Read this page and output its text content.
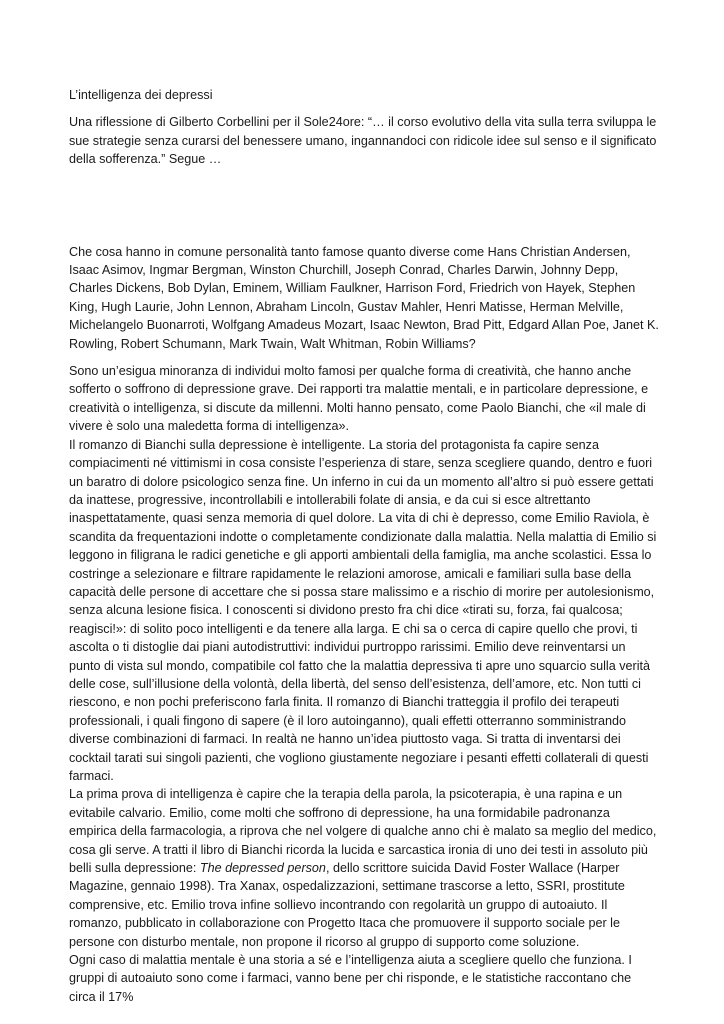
L’intelligenza dei depressi

Una riflessione di Gilberto Corbellini per il Sole24ore: “… il corso evolutivo della vita sulla terra sviluppa le sue strategie senza curarsi del benessere umano, ingannandoci con ridicole idee sul senso e il significato della sofferenza.” Segue …

Che cosa hanno in comune personalità tanto famose quanto diverse come Hans Christian Andersen, Isaac Asimov, Ingmar Bergman, Winston Churchill, Joseph Conrad, Charles Darwin, Johnny Depp, Charles Dickens, Bob Dylan, Eminem, William Faulkner, Harrison Ford, Friedrich von Hayek, Stephen King, Hugh Laurie, John Lennon, Abraham Lincoln, Gustav Mahler, Henri Matisse, Herman Melville, Michelangelo Buonarroti, Wolfgang Amadeus Mozart, Isaac Newton, Brad Pitt, Edgard Allan Poe, Janet K. Rowling, Robert Schumann, Mark Twain, Walt Whitman, Robin Williams?

Sono un’esigua minoranza di individui molto famosi per qualche forma di creatività, che hanno anche sofferto o soffrono di depressione grave. Dei rapporti tra malattie mentali, e in particolare depressione, e creatività o intelligenza, si discute da millenni. Molti hanno pensato, come Paolo Bianchi, che «il male di vivere è solo una maledetta forma di intelligenza».

Il romanzo di Bianchi sulla depressione è intelligente. La storia del protagonista fa capire senza compiacimenti né vittimismi in cosa consiste l’esperienza di stare, senza scegliere quando, dentro e fuori un baratro di dolore psicologico senza fine. Un inferno in cui da un momento all’altro si può essere gettati da inattese, progressive, incontrollabili e intollerabili folate di ansia, e da cui si esce altrettanto inaspettatamente, quasi senza memoria di quel dolore. La vita di chi è depresso, come Emilio Raviola, è scandita da frequentazioni indotte o completamente condizionate dalla malattia. Nella malattia di Emilio si leggono in filigrana le radici genetiche e gli apporti ambientali della famiglia, ma anche scolastici. Essa lo costringe a selezionare e filtrare rapidamente le relazioni amorose, amicali e familiari sulla base della capacità delle persone di accettare che si possa stare malissimo e a rischio di morire per autolesionismo, senza alcuna lesione fisica. I conoscenti si dividono presto fra chi dice «tirati su, forza, fai qualcosa; reagisci!»: di solito poco intelligenti e da tenere alla larga. E chi sa o cerca di capire quello che provi, ti ascolta o ti distoglie dai piani autodistruttivi: individui purtroppo rarissimi. Emilio deve reinventarsi un punto di vista sul mondo, compatibile col fatto che la malattia depressiva ti apre uno squarcio sulla verità delle cose, sull’illusione della volontà, della libertà, del senso dell’esistenza, dell’amore, etc. Non tutti ci riescono, e non pochi preferiscono farla finita. Il romanzo di Bianchi tratteggia il profilo dei terapeuti professionali, i quali fingono di sapere (è il loro autoinganno), quali effetti otterranno somministrando diverse combinazioni di farmaci. In realtà ne hanno un’idea piuttosto vaga. Si tratta di inventarsi dei cocktail tarati sui singoli pazienti, che vogliono giustamente negoziare i pesanti effetti collaterali di questi farmaci.

La prima prova di intelligenza è capire che la terapia della parola, la psicoterapia, è una rapina e un evitabile calvario. Emilio, come molti che soffrono di depressione, ha una formidabile padronanza empirica della farmacologia, a riprova che nel volgere di qualche anno chi è malato sa meglio del medico, cosa gli serve. A tratti il libro di Bianchi ricorda la lucida e sarcastica ironia di uno dei testi in assoluto più belli sulla depressione: The depressed person, dello scrittore suicida David Foster Wallace (Harper Magazine, gennaio 1998). Tra Xanax, ospedalizzazioni, settimane trascorse a letto, SSRI, prostitute comprensive, etc. Emilio trova infine sollievo incontrando con regolarità un gruppo di autoaiuto. Il romanzo, pubblicato in collaborazione con Progetto Itaca che promuovere il supporto sociale per le persone con disturbo mentale, non propone il ricorso al gruppo di supporto come soluzione.

Ogni caso di malattia mentale è una storia a sé e l’intelligenza aiuta a scegliere quello che funziona. I gruppi di autoaiuto sono come i farmaci, vanno bene per chi risponde, e le statistiche raccontano che circa il 17%
